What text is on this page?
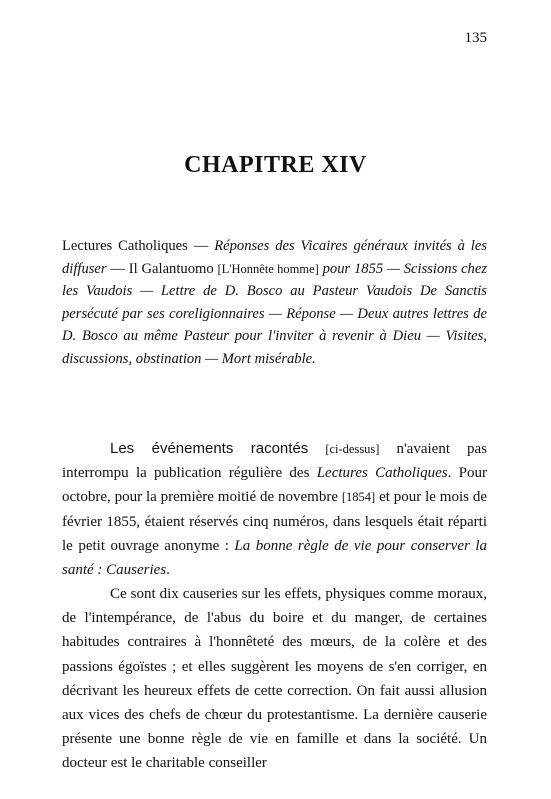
135
CHAPITRE XIV
Lectures Catholiques — Réponses des Vicaires généraux invités à les diffuser — Il Galantuomo [L'Honnête homme] pour 1855 — Scissions chez les Vaudois — Lettre de D. Bosco au Pasteur Vaudois De Sanctis persécuté par ses coreligionnaires — Réponse — Deux autres lettres de D. Bosco au même Pasteur pour l'inviter à revenir à Dieu — Visites, discussions, obstination — Mort misérable.
Les événements racontés [ci-dessus] n'avaient pas interrompu la publication régulière des Lectures Catholiques. Pour octobre, pour la première moitié de novembre [1854] et pour le mois de février 1855, étaient réservés cinq numéros, dans lesquels était réparti le petit ouvrage anonyme : La bonne règle de vie pour conserver la santé : Causeries.
Ce sont dix causeries sur les effets, physiques comme moraux, de l'intempérance, de l'abus du boire et du manger, de certaines habitudes contraires à l'honnêteté des mœurs, de la colère et des passions égoïstes ; et elles suggèrent les moyens de s'en corriger, en décrivant les heureux effets de cette correction. On fait aussi allusion aux vices des chefs de chœur du protestantisme. La dernière causerie présente une bonne règle de vie en famille et dans la société. Un docteur est le charitable conseiller
